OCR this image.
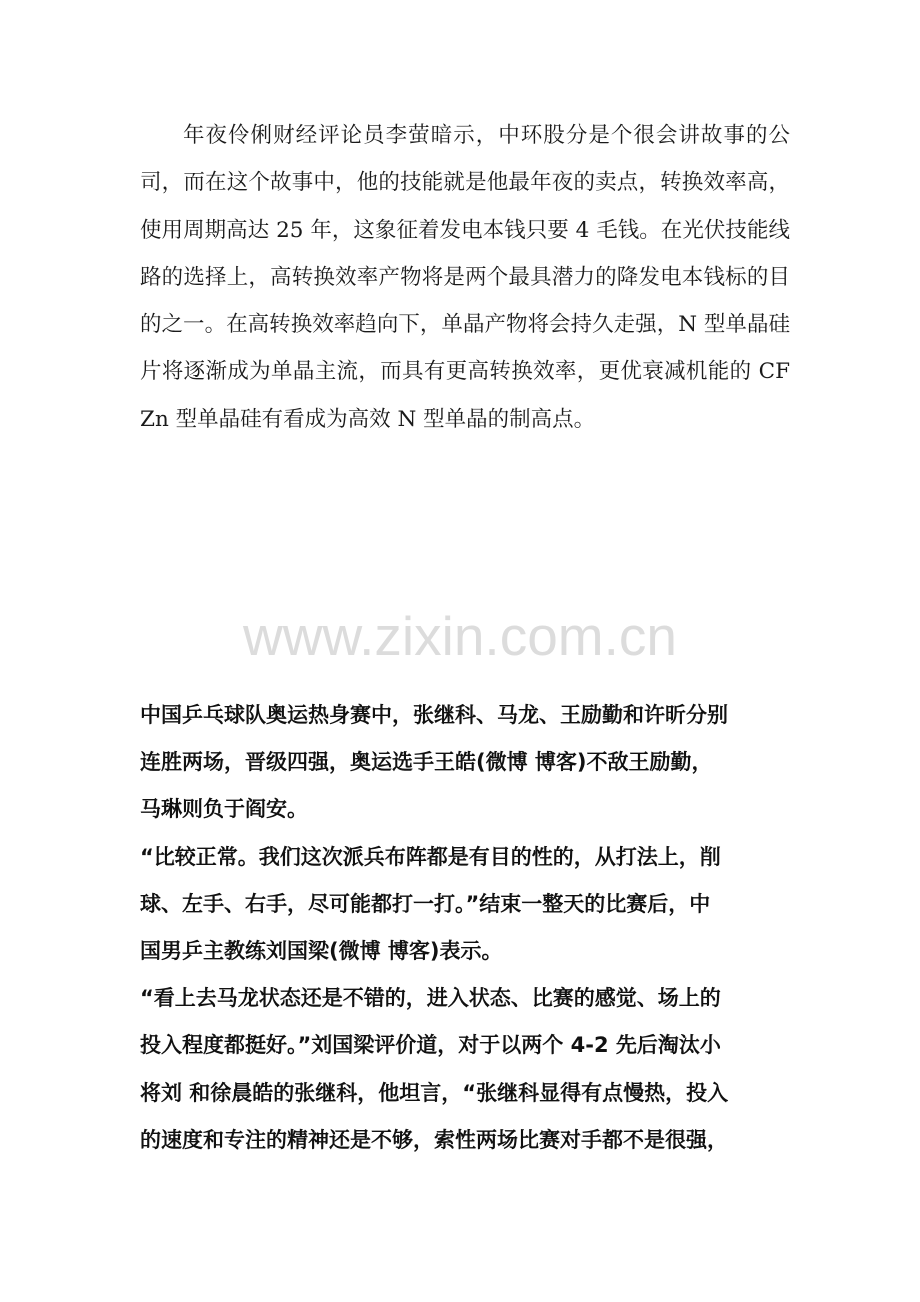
年夜伶俐财经评论员李萤暗示，中环股分是个很会讲故事的公司，而在这个故事中，他的技能就是他最年夜的卖点，转换效率高，使用周期高达 25 年，这象征着发电本钱只要 4 毛钱。在光伏技能线路的选择上，高转换效率产物将是两个最具潜力的降发电本钱标的目的之一。在高转换效率趋向下，单晶产物将会持久走强，N 型单晶硅片将逐渐成为单晶主流，而具有更高转换效率，更优衰减机能的 CFZn 型单晶硅有看成为高效 N 型单晶的制高点。

www.zixin.com.cn
中国乒乓球队奥运热身赛中，张继科、马龙、王励勤和许昕分别
连胜两场，晋级四强，奥运选手王皓(微博 博客)不敌王励勤，
马琳则负于阎安。
“比较正常。我们这次派兵布阵都是有目的性的，从打法上，削
球、左手、右手，尽可能都打一打。”结束一整天的比赛后，中
国男乒主教练刘国梁(微博 博客)表示。
“看上去马龙状态还是不错的，进入状态、比赛的感觉、场上的
投入程度都挺好。”刘国梁评价道，对于以两个 4-2 先后淘汰小
将刘 和徐晨皓的张继科，他坦言，“张继科显得有点慢热，投入
的速度和专注的精神还是不够，索性两场比赛对手都不是很强，
